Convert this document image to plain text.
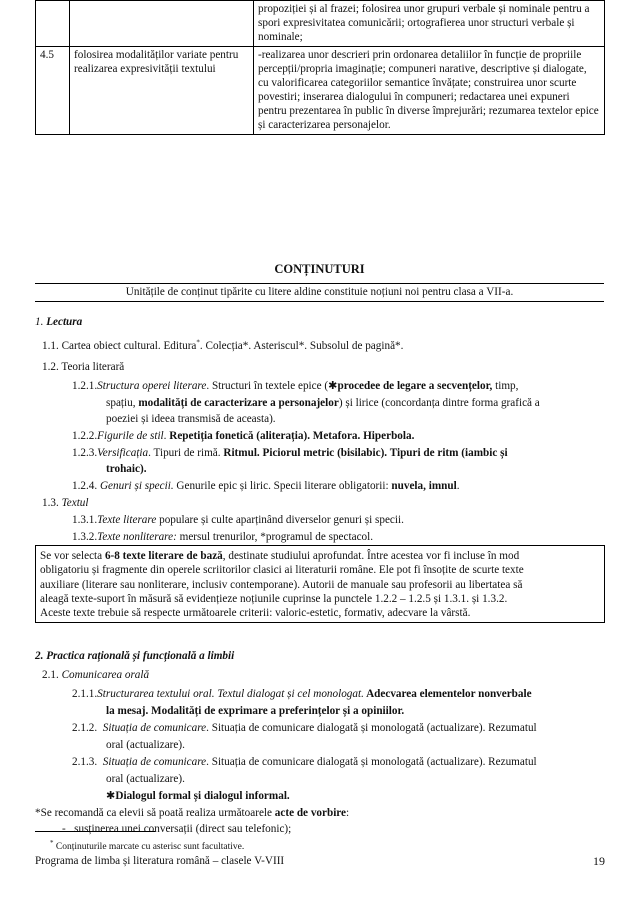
		propoziției și al frazei; folosirea unor grupuri verbale și nominale pentru a spori expresivitatea comunicării; ortografierea unor structuri verbale și nominale;
4.5	folosirea modalităților variate pentru realizarea expresivității textului	-realizarea unor descrieri prin ordonarea detaliilor în funcție de propriile percepții/propria imaginație; compuneri narative, descriptive și dialogate, cu valorificarea categoriilor semantice învățate; construirea unor scurte povestiri; inserarea dialogului în compuneri; redactarea unei expuneri pentru prezentarea în public în diverse împrejurări; rezumarea textelor epice și caracterizarea personajelor.
CONȚINUTURI
Unitățile de conținut tipărite cu litere aldine constituie noțiuni noi pentru clasa a VII-a.
1. Lectura
1.1. Cartea obiect cultural. Editura*. Colecția*. Asteriscul*. Subsolul de pagină*.
1.2. Teoria literară
1.2.1.Structura operei literare. Structuri în textele epice (✱procedee de legare a secvențelor, timp,
spațiu, modalități de caracterizare a personajelor) și lirice (concordanța dintre forma grafică a
poeziei și ideea transmisă de aceasta).
1.2.2.Figurile de stil. Repetiția fonetică (aliterația). Metafora. Hiperbola.
1.2.3.Versificația. Tipuri de rimă. Ritmul. Piciorul metric (bisilabic). Tipuri de ritm (iambic și
trohaic).
1.2.4. Genuri și specii. Genurile epic și liric. Specii literare obligatorii: nuvela, imnul.
1.3. Textul
1.3.1.Texte literare populare și culte aparținând diverselor genuri și specii.
1.3.2.Texte nonliterare: mersul trenurilor, *programul de spectacol.
Se vor selecta 6-8 texte literare de bază, destinate studiului aprofundat. Între acestea vor fi incluse în mod
obligatoriu și fragmente din operele scriitorilor clasici ai literaturii române. Ele pot fi însoțite de scurte texte
auxiliare (literare sau nonliterare, inclusiv contemporane). Autorii de manuale sau profesorii au libertatea să
aleagă texte-suport în măsură să evidențieze noțiunile cuprinse la punctele 1.2.2 – 1.2.5 și 1.3.1. și 1.3.2.
Aceste texte trebuie să respecte următoarele criterii: valoric-estetic, formativ, adecvare la vârstă.
2. Practica rațională și funcțională a limbii
2.1. Comunicarea orală
2.1.1.Structurarea textului oral. Textul dialogat și cel monologat. Adecvarea elementelor nonverbale
la mesaj. Modalități de exprimare a preferințelor și a opiniilor.
2.1.2. Situația de comunicare. Situația de comunicare dialogată și monologată (actualizare). Rezumatul
oral (actualizare).
2.1.3. Situația de comunicare. Situația de comunicare dialogată și monologată (actualizare). Rezumatul
oral (actualizare).
✱Dialogul formal și dialogul informal.
*Se recomandă ca elevii să poată realiza următoarele acte de vorbire:
- susținerea unei conversații (direct sau telefonic);
* Conținuturile marcate cu asterisc sunt facultative.
Programa de limba și literatura română – clasele V-VIII	19
